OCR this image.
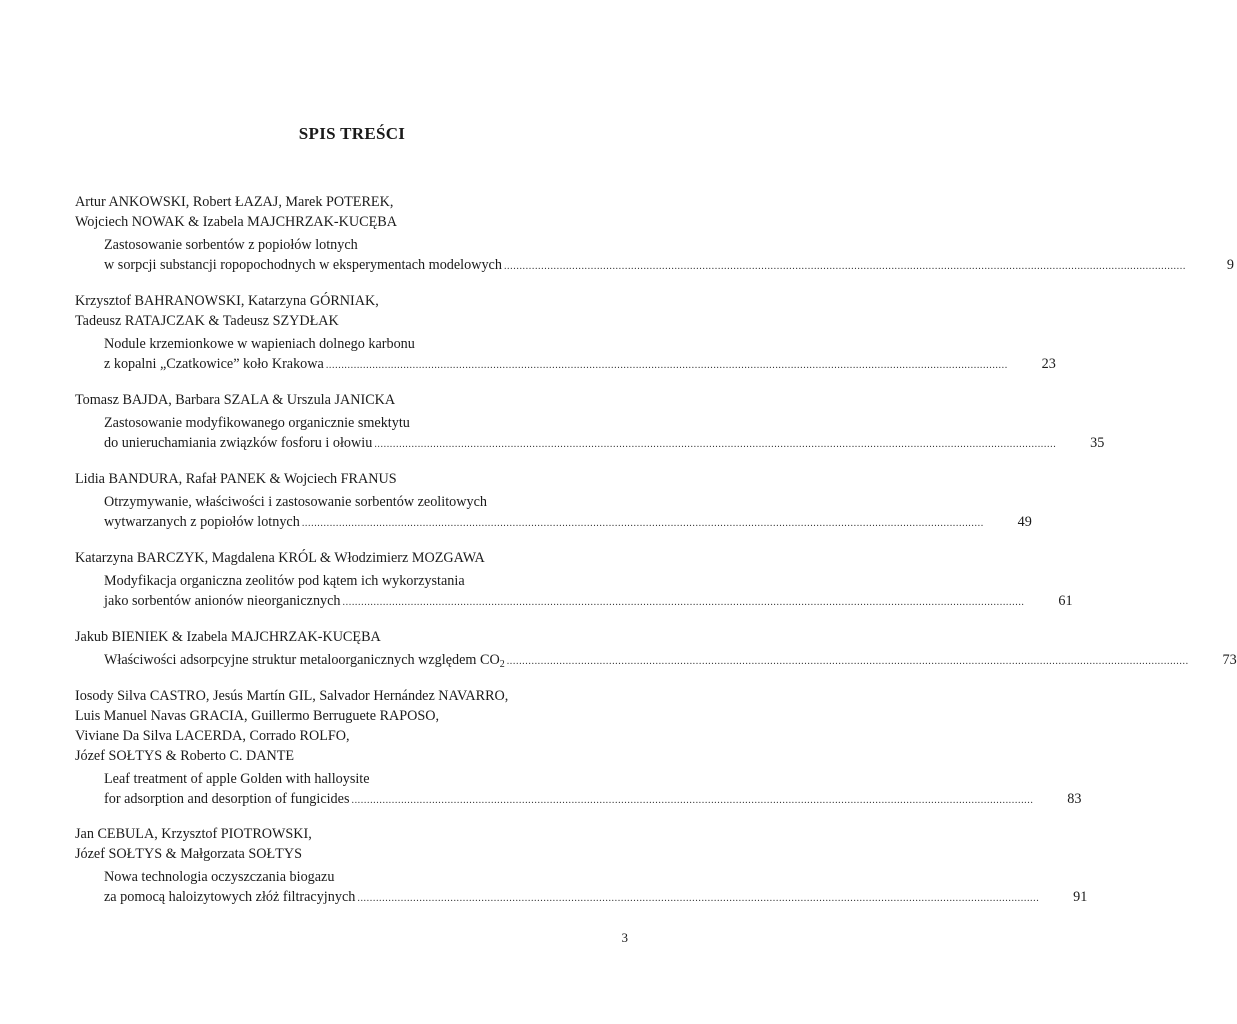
SPIS TREŚCI
Artur ANKOWSKI, Robert ŁAZAJ, Marek POTEREK,
Wojciech NOWAK & Izabela MAJCHRZAK-KUCĘBA
Zastosowanie sorbentów z popiołów lotnych
w sorpcji substancji ropopochodnych w eksperymentach modelowych ............................................................................................................................................................................................................................	9
Krzysztof BAHRANOWSKI, Katarzyna GÓRNIAK,
Tadeusz RATAJCZAK & Tadeusz SZYDŁAK
Nodule krzemionkowe w wapieniach dolnego karbonu
z kopalni „Czatkowice” koło Krakowa ............................................................................................................................................................................................................................	23
Tomasz BAJDA, Barbara SZALA & Urszula JANICKA
Zastosowanie modyfikowanego organicznie smektytu
do unieruchamiania związków fosforu i ołowiu ............................................................................................................................................................................................................................	35
Lidia BANDURA, Rafał PANEK & Wojciech FRANUS
Otrzymywanie, właściwości i zastosowanie sorbentów zeolitowych
wytwarzanych z popiołów lotnych ............................................................................................................................................................................................................................	49
Katarzyna BARCZYK, Magdalena KRÓL & Włodzimierz MOZGAWA
Modyfikacja organiczna zeolitów pod kątem ich wykorzystania
jako sorbentów anionów nieorganicznych ............................................................................................................................................................................................................................	61
Jakub BIENIEK & Izabela MAJCHRZAK-KUCĘBA
Właściwości adsorpcyjne struktur metaloorganicznych względem $CO_2$ ............................................................................................................................................................................................................................	73
Iosody Silva CASTRO, Jesús Martín GIL, Salvador Hernández NAVARRO,
Luis Manuel Navas GRACIA, Guillermo Berruguete RAPOSO,
Viviane Da Silva LACERDA, Corrado ROLFO,
Józef SOŁTYS & Roberto C. DANTE
Leaf treatment of apple Golden with halloysite
for adsorption and desorption of fungicides ............................................................................................................................................................................................................................	83
Jan CEBULA, Krzysztof PIOTROWSKI,
Józef SOŁTYS & Małgorzata SOŁTYS
Nowa technologia oczyszczania biogazu
za pomocą haloizytowych złóż filtracyjnych ............................................................................................................................................................................................................................	91
3
